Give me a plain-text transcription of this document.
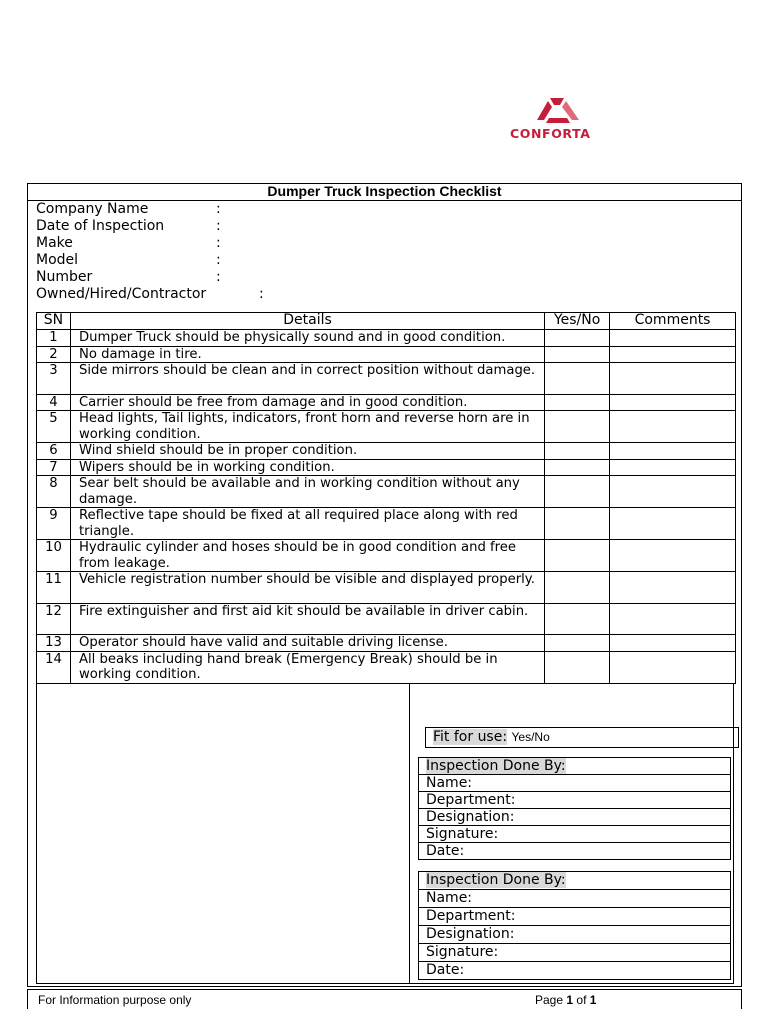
CONFORTA
Dumper Truck Inspection Checklist
Company Name	:
Date of Inspection	:
Make	:
Model	:
Number	:
Owned/Hired/Contractor	:
SN	Details	Yes/No	Comments
1	Dumper Truck should be physically sound and in good condition.		
2	No damage in tire.		
3	Side mirrors should be clean and in correct position without damage.		
4	Carrier should be free from damage and in good condition.		
5	Head lights, Tail lights, indicators, front horn and reverse horn are in working condition.		
6	Wind shield should be in proper condition.		
7	Wipers should be in working condition.		
8	Sear belt should be available and in working condition without any damage.		
9	Reflective tape should be fixed at all required place along with red triangle.		
10	Hydraulic cylinder and hoses should be in good condition and free from leakage.		
11	Vehicle registration number should be visible and displayed properly.		
12	Fire extinguisher and first aid kit should be available in driver cabin.		
13	Operator should have valid and suitable driving license.		
14	All beaks including hand break (Emergency Break) should be in working condition.		
Fit for use: Yes/No
Inspection Done By:
Name:
Department:
Designation:
Signature:
Date:
Inspection Done By:
Name:
Department:
Designation:
Signature:
Date:
For Information purpose only	Page 1 of 1
